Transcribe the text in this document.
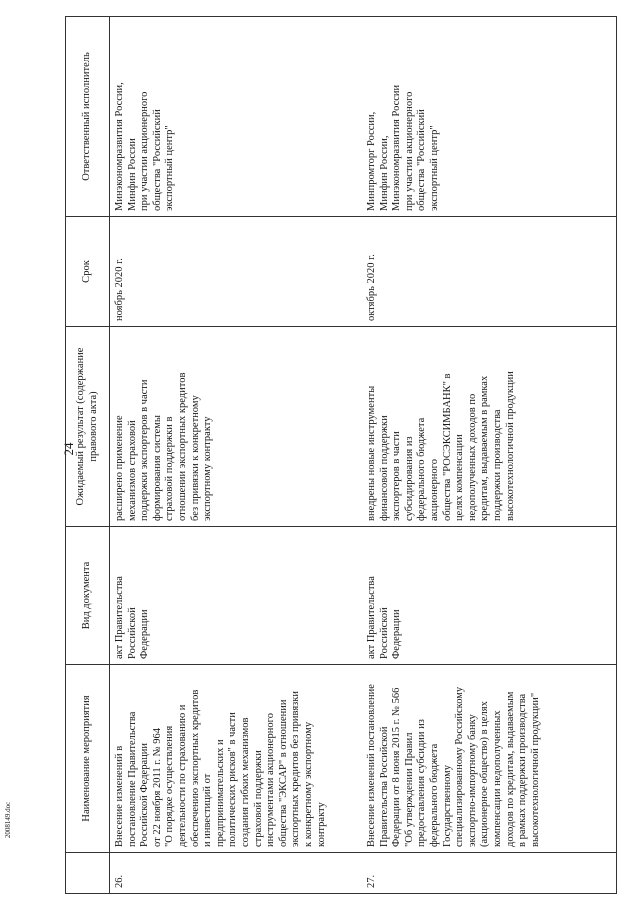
24
2008149.doc	Наименование мероприятия
Вид документа
Ожидаемый результат (содержание правового акта)
Срок
Ответственный исполнитель
26.
Внесение изменений в постановление Правительства Российской Федерации от 22 ноября 2011 г. № 964 "О порядке осуществления деятельности по страхованию и обеспечению экспортных кредитов и инвестиций от предпринимательских и политических рисков" в части создания гибких механизмов страховой поддержки инструментами акционерного общества "ЭКСАР" в отношении экспортных кредитов без привязки к конкретному экспортному контракту
акт Правительства Российской Федерации
расширено применение механизмов страховой поддержки экспортеров в части формирования системы страховой поддержки в отношении экспортных кредитов без привязки к конкретному экспортному контракту
ноябрь 2020 г.
Минэкономразвития России, Минфин России при участии акционерного общества "Российский экспортный центр"
27.
Внесение изменений постановление Правительства Российской Федерации от 8 июня 2015 г. № 566 "Об утверждении Правил предоставления субсидии из федерального бюджета Государственному специализированному Российскому экспортно-импортному банку (акционерное общество) в целях компенсации недополученных доходов по кредитам, выдаваемым в рамках поддержки производства высокотехнологичной продукции"
акт Правительства Российской Федерации
внедрены новые инструменты финансовой поддержки экспортеров в части субсидирования из федерального бюджета акционерного общества "РОСЭКСИМБАНК" в целях компенсации недополученных доходов по кредитам, выдаваемым в рамках поддержки производства высокотехнологичной продукции
октябрь 2020 г.
Минпромторг России, Минфин России, Минэкономразвития России при участии акционерного общества "Российский экспортный центр"
